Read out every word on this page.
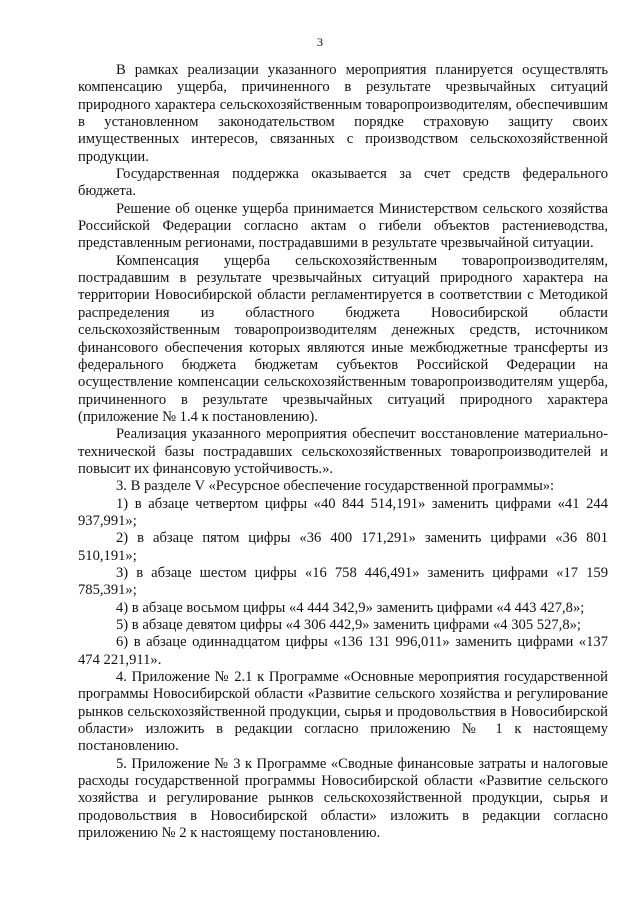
3

В рамках реализации указанного мероприятия планируется осуществлять компенсацию ущерба, причиненного в результате чрезвычайных ситуаций природного характера сельскохозяйственным товаропроизводителям, обеспечившим в установленном законодательством порядке страховую защиту своих имущественных интересов, связанных с производством сельскохозяйственной продукции.

Государственная поддержка оказывается за счет средств федерального бюджета.

Решение об оценке ущерба принимается Министерством сельского хозяйства Российской Федерации согласно актам о гибели объектов растениеводства, представленным регионами, пострадавшими в результате чрезвычайной ситуации.

Компенсация ущерба сельскохозяйственным товаропроизводителям, пострадавшим в результате чрезвычайных ситуаций природного характера на территории Новосибирской области регламентируется в соответствии с Методикой распределения из областного бюджета Новосибирской области сельскохозяйственным товаропроизводителям денежных средств, источником финансового обеспечения которых являются иные межбюджетные трансферты из федерального бюджета бюджетам субъектов Российской Федерации на осуществление компенсации сельскохозяйственным товаропроизводителям ущерба, причиненного в результате чрезвычайных ситуаций природного характера (приложение № 1.4 к постановлению).

Реализация указанного мероприятия обеспечит восстановление материально-технической базы пострадавших сельскохозяйственных товаропроизводителей и повысит их финансовую устойчивость.».

3. В разделе V «Ресурсное обеспечение государственной программы»:

1) в абзаце четвертом цифры «40 844 514,191» заменить цифрами «41 244 937,991»;

2) в абзаце пятом цифры «36 400 171,291» заменить цифрами «36 801 510,191»;

3) в абзаце шестом цифры «16 758 446,491» заменить цифрами «17 159 785,391»;

4) в абзаце восьмом цифры «4 444 342,9» заменить цифрами «4 443 427,8»;

5) в абзаце девятом цифры «4 306 442,9» заменить цифрами «4 305 527,8»;

6) в абзаце одиннадцатом цифры «136 131 996,011» заменить цифрами «137 474 221,911».

4. Приложение № 2.1 к Программе «Основные мероприятия государственной программы Новосибирской области «Развитие сельского хозяйства и регулирование рынков сельскохозяйственной продукции, сырья и продовольствия в Новосибирской области» изложить в редакции согласно приложению № 1 к настоящему постановлению.

5. Приложение № 3 к Программе «Сводные финансовые затраты и налоговые расходы государственной программы Новосибирской области «Развитие сельского хозяйства и регулирование рынков сельскохозяйственной продукции, сырья и продовольствия в Новосибирской области» изложить в редакции согласно приложению № 2 к настоящему постановлению.
